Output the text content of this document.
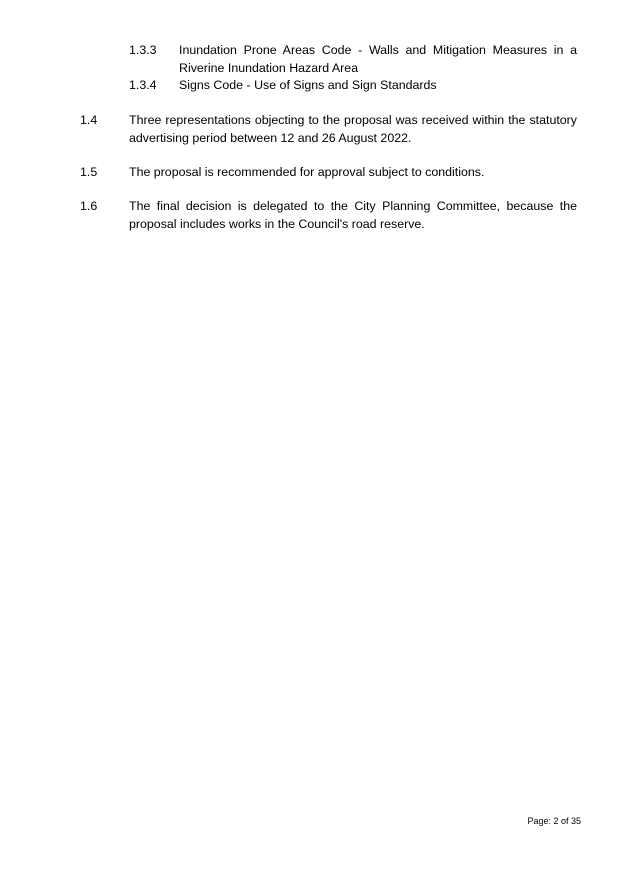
1.3.3 Inundation Prone Areas Code - Walls and Mitigation Measures in a Riverine Inundation Hazard Area
1.3.4 Signs Code - Use of Signs and Sign Standards
1.4	Three representations objecting to the proposal was received within the statutory advertising period between 12 and 26 August 2022.
1.5	The proposal is recommended for approval subject to conditions.
1.6	The final decision is delegated to the City Planning Committee, because the proposal includes works in the Council's road reserve.
Page: 2 of 35
